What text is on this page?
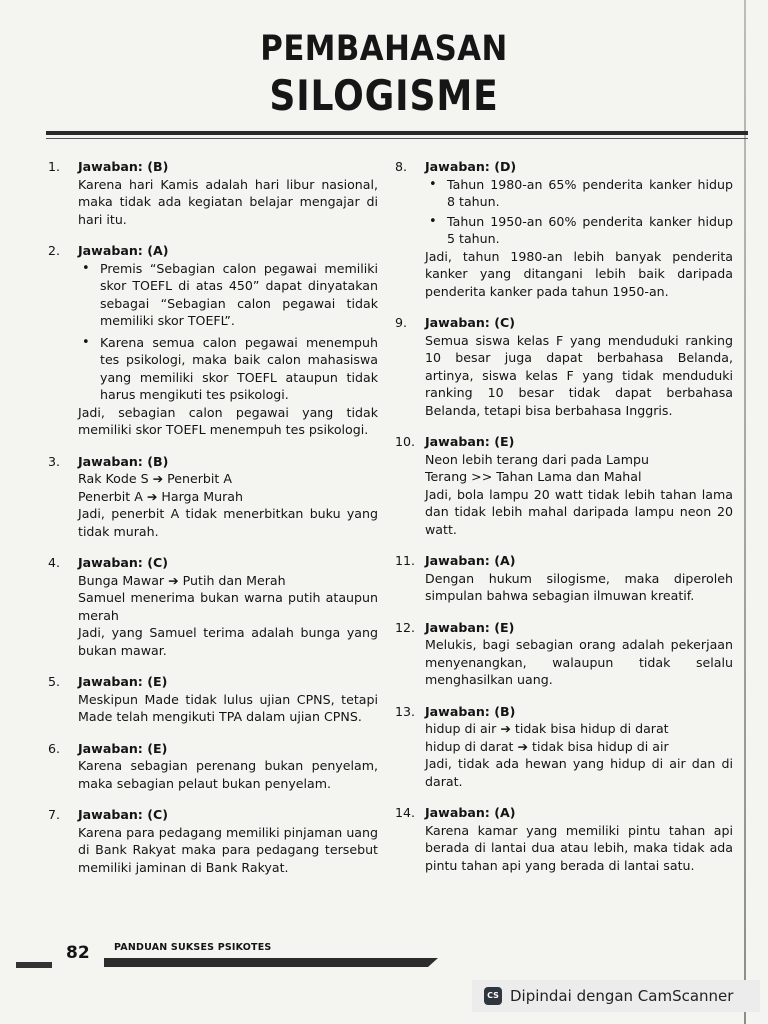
PEMBAHASAN
SILOGISME
1. Jawaban: (B)
Karena hari Kamis adalah hari libur nasional, maka tidak ada kegiatan belajar mengajar di hari itu.
2. Jawaban: (A)
• Premis “Sebagian calon pegawai memiliki skor TOEFL di atas 450” dapat dinyatakan sebagai “Sebagian calon pegawai tidak memiliki skor TOEFL”.
• Karena semua calon pegawai menempuh tes psikologi, maka baik calon mahasiswa yang memiliki skor TOEFL ataupun tidak harus mengikuti tes psikologi.
Jadi, sebagian calon pegawai yang tidak memiliki skor TOEFL menempuh tes psikologi.
3. Jawaban: (B)
Rak Kode S ➔ Penerbit A
Penerbit A ➔ Harga Murah
Jadi, penerbit A tidak menerbitkan buku yang tidak murah.
4. Jawaban: (C)
Bunga Mawar ➔ Putih dan Merah
Samuel menerima bukan warna putih ataupun merah
Jadi, yang Samuel terima adalah bunga yang bukan mawar.
5. Jawaban: (E)
Meskipun Made tidak lulus ujian CPNS, tetapi Made telah mengikuti TPA dalam ujian CPNS.
6. Jawaban: (E)
Karena sebagian perenang bukan penyelam, maka sebagian pelaut bukan penyelam.
7. Jawaban: (C)
Karena para pedagang memiliki pinjaman uang di Bank Rakyat maka para pedagang tersebut memiliki jaminan di Bank Rakyat.
8. Jawaban: (D)
• Tahun 1980-an 65% penderita kanker hidup 8 tahun.
• Tahun 1950-an 60% penderita kanker hidup 5 tahun.
Jadi, tahun 1980-an lebih banyak penderita kanker yang ditangani lebih baik daripada penderita kanker pada tahun 1950-an.
9. Jawaban: (C)
Semua siswa kelas F yang menduduki ranking 10 besar juga dapat berbahasa Belanda, artinya, siswa kelas F yang tidak menduduki ranking 10 besar tidak dapat berbahasa Belanda, tetapi bisa berbahasa Inggris.
10. Jawaban: (E)
Neon lebih terang dari pada Lampu
Terang >> Tahan Lama dan Mahal
Jadi, bola lampu 20 watt tidak lebih tahan lama dan tidak lebih mahal daripada lampu neon 20 watt.
11. Jawaban: (A)
Dengan hukum silogisme, maka diperoleh simpulan bahwa sebagian ilmuwan kreatif.
12. Jawaban: (E)
Melukis, bagi sebagian orang adalah pekerjaan menyenangkan, walaupun tidak selalu menghasilkan uang.
13. Jawaban: (B)
hidup di air ➔ tidak bisa hidup di darat
hidup di darat ➔ tidak bisa hidup di air
Jadi, tidak ada hewan yang hidup di air dan di darat.
14. Jawaban: (A)
Karena kamar yang memiliki pintu tahan api berada di lantai dua atau lebih, maka tidak ada pintu tahan api yang berada di lantai satu.
82	PANDUAN SUKSES PSIKOTES
CS Dipindai dengan CamScanner
